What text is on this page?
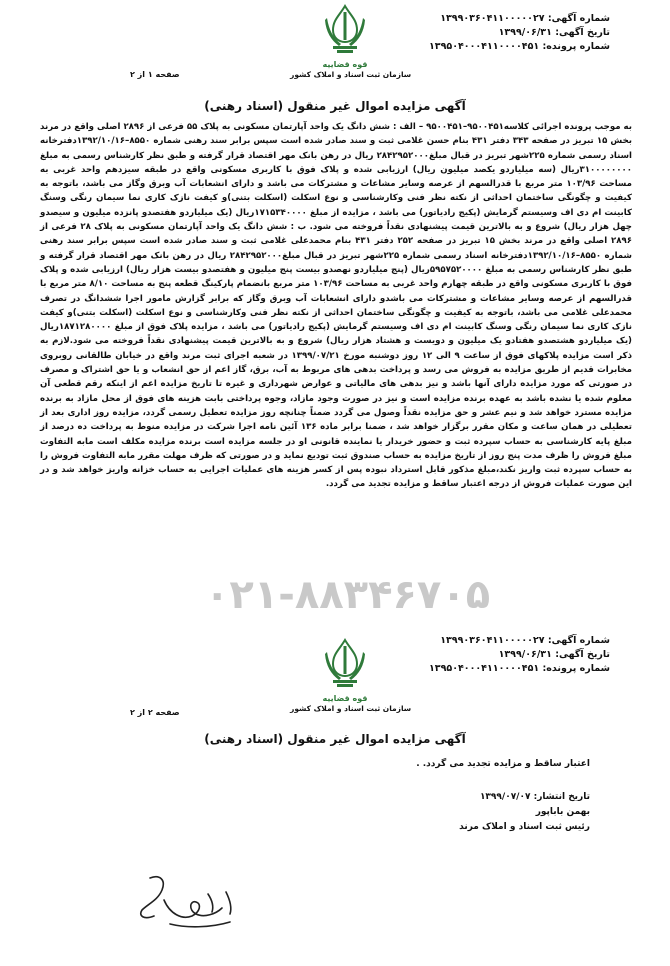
شماره آگهی: ۱۳۹۹۰۳۶۰۴۱۱۰۰۰۰۰۲۷
تاریخ آگهی: ۱۳۹۹/۰۶/۳۱
شماره پرونده: ۱۳۹۵۰۴۰۰۰۴۱۱۰۰۰۰۴۵۱
قوه قضاییه
سازمان ثبت اسناد و املاک کشور
صفحه ۱ از ۲
آگهی مزایده اموال غیر منقول (اسناد رهنی)
۰۲۱-۸۸۳۴۶۷۰۵
به موجب پرونده اجرائی کلاسه۹۵۰۰۴۵۱–۹۵۰۰۴۵۱ – الف : شش دانگ یک واحد آپارتمان مسکونی به پلاک ۵۵ فرعی از ۲۸۹۶ اصلی واقع در مرند بخش ۱۵ تبریز در صفحه ۳۴۳ دفتر ۴۳۱ بنام حسن غلامی ثبت و سند صادر شده است سپس برابر سند رهنی شماره ۸۵۵۰–۱۳۹۲/۱۰/۱۶دفترخانه اسناد رسمی شماره ۲۲۵شهر تبریز در قبال مبلغ۲۸۴۲۹۵۲۰۰۰ ریال در رهن بانک مهر اقتصاد قرار گرفته و طبق نظر کارشناس رسمی به مبلغ ۳۱۰۰۰۰۰۰۰۰ریال (سه میلیاردو یکصد میلیون ریال) ارزیابی شده و پلاک فوق با کاربری مسکونی واقع در طبقه سیزدهم واحد غربی به مساحت ۱۰۳/۹۶ متر مربع با قدرالسهم از عرصه وسایر مشاعات و مشترکات می باشد و دارای انشعابات آب وبرق وگاز می باشد، باتوجه به کیفیت و چگونگی ساختمان احداثی از نکته نظر فنی وکارشناسی و نوع اسکلت (اسکلت بتنی)و کیفت نازک کاری نما سیمان رنگی وسنگ کابینت ام دی اف وسیستم گرمایش (پکیج رادیاتور) می باشد ، مزایده از مبلغ ۱۷۱۵۳۴۰۰۰۰ریال (یک میلیاردو هفتصدو پانزده میلیون و سیصدو چهل هزار ریال) شروع و به بالاترین قیمت پیشنهادی نقداً فروخته می شود. ب : شش دانگ یک واحد آپارتمان مسکونی به پلاک ۲۸ فرعی از ۲۸۹۶ اصلی واقع در مرند بخش ۱۵ تبریز در صفحه ۲۵۲ دفتر ۴۳۱ بنام محمدعلی غلامی ثبت و سند صادر شده است سپس برابر سند رهنی شماره ۸۵۵۰–۱۳۹۲/۱۰/۱۶دفترخانه اسناد رسمی شماره ۲۲۵شهر تبریز در قبال مبلغ۲۸۴۲۹۵۲۰۰۰ ریال در رهن بانک مهر اقتصاد قرار گرفته و طبق نظر کارشناس رسمی به مبلغ ۵۹۵۷۵۲۰۰۰۰ریال (پنج میلیاردو نهصدو بیست پنج میلیون و هفتصدو بیست هزار ریال) ارزیابی شده و پلاک فوق با کاربری مسکونی واقع در طبقه چهارم واحد غربی به مساحت ۱۰۳/۹۶ متر مربع بانضمام پارکینگ قطعه پنج به مساحت ۸/۱۰ متر مربع با قدرالسهم از عرصه وسایر مشاعات و مشترکات می باشدو دارای انشعابات آب وبرق وگاز که برابر گزارش مامور اجرا ششدانگ در تصرف محمدعلی غلامی می باشد، باتوجه به کیفیت و چگونگی ساختمان احداثی از نکته نظر فنی وکارشناسی و نوع اسکلت (اسکلت بتنی)و کیفت نازک کاری نما سیمان رنگی وسنگ کابینت ام دی اف وسیستم گرمایش (پکیج رادیاتور) می باشد ، مزایده پلاک فوق از مبلغ ۱۸۷۱۲۸۰۰۰۰ریال (یک میلیاردو هشتصدو هفتادو یک میلیون و دویست و هشتاد هزار ریال) شروع و به بالاترین قیمت پیشنهادی نقداً فروخته می شود.لازم به ذکر است مزایده پلاکهای فوق از ساعت ۹ الی ۱۲ روز دوشنبه مورخ ۱۳۹۹/۰۷/۲۱ در شعبه اجرای ثبت مرند واقع در خیابان طالقانی روبروی مخابرات قدیم از طریق مزایده به فروش می رسد و پرداخت بدهی های مربوط به آب، برق، گاز اعم از حق انشعاب و یا حق اشتراک و مصرف در صورتی که مورد مزایده دارای آنها باشد و نیز بدهی های مالیاتی و عوارض شهرداری و غیره تا تاریخ مزایده اعم از اینکه رقم قطعی آن معلوم شده یا نشده باشد به عهده برنده مزایده است و نیز در صورت وجود مازاد، وجوه پرداختی بابت هزینه های فوق از محل مازاد به برنده مزایده مسترد خواهد شد و نیم عشر و حق مزایده نقداً وصول می گردد ضمناً چنانچه روز مزایده تعطیل رسمی گردد، مزایده روز اداری بعد از تعطیلی در همان ساعت و مکان مقرر برگزار خواهد شد ، ضمنا برابر ماده ۱۳۶ آئین نامه اجرا شرکت در مزایده منوط به پرداخت ده درصد از مبلغ پایه کارشناسی به حساب سپرده ثبت و حضور خریدار یا نماینده قانونی او در جلسه مزایده است برنده مزایده مکلف است مابه التفاوت مبلغ فروش را ظرف مدت پنج روز از تاریخ مزایده به حساب صندوق ثبت تودیع نماید و در صورتی که ظرف مهلت مقرر مابه التفاوت فروش را به حساب سپرده ثبت واریز نکند،مبلغ مذکور قابل استرداد نبوده پس از کسر هزینه های عملیات اجرایی به حساب خزانه واریز خواهد شد و در این صورت عملیات فروش از درجه اعتبار ساقط و مزایده تجدید می گردد.
شماره آگهی: ۱۳۹۹۰۳۶۰۴۱۱۰۰۰۰۰۲۷
تاریخ آگهی: ۱۳۹۹/۰۶/۳۱
شماره پرونده: ۱۳۹۵۰۴۰۰۰۴۱۱۰۰۰۰۴۵۱
قوه قضاییه
سازمان ثبت اسناد و املاک کشور
صفحه ۲ از ۲
آگهی مزایده اموال غیر منقول (اسناد رهنی)
اعتبار ساقط و مزایده تجدید می گردد. .
تاریخ انتشار: ۱۳۹۹/۰۷/۰۷
بهمن باباپور
رئیس ثبت اسناد و املاک مرند
